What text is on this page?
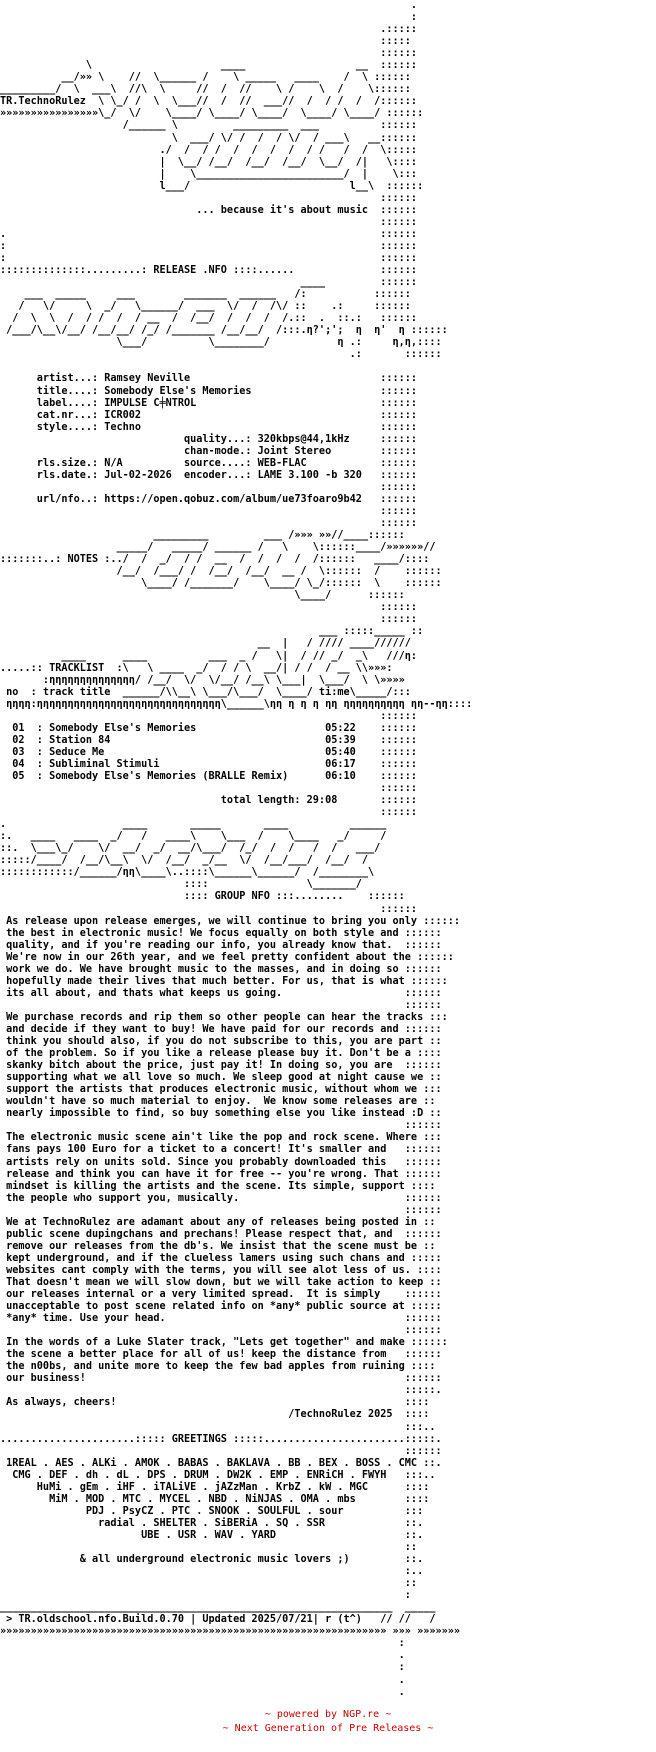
.
:
.:::::
:::::
::::::
\                     ____                  __  ::::::
__/»» \    //  \______ /    \ _____   ____    /  \ ::::::
_________/  \  ___\  //\  \     //  /  //    \ /    \  /    \::::::
TR.TechnoRulez  \ \_/ /  \  \___//  /  //  ___//  /  / /  /  /::::::
»»»»»»»»»»»»»»»»\_/  \/    \____/ \____/ \____/  \____/ \____/ ::::::
/______ \         _________  ___          ::::::
\  ___/ \/ /  /  / \/  / ___\   __::::::
./  /  / /  /  /  /  /  / /   /  /  \:::::
|  \__/ /__/  /__/  /__/  \__/  /|   \::::
|    \________________________/  |    \:::
l___/                          l__\  ::::::
::::::
... because it's about music  ::::::
::::::
.                                                             ::::::
:                                                             ::::::
:                                                             ::::::
::::::::::::::.........: RELEASE .NFO ::::......              ::::::
____         ::::::
___  _____     ___        _______  ______   /:           ::::::
/   \/     \  _/   \______/  ___  \/  /  /\/ ::    .:     ::::::
/  \  \  /  / /  /  / __  /  /__/  /  /  /  /.::  .  ::.:   ::::::
/___/\__\/__/ /__/__/ /_/ /_______ /__/__/  /:::.η?';';  η  η'  η ::::::
\___/          \________/           η .:     η,η,::::
.:       ::::::

artist...: Ramsey Neville                               ::::::
title....: Somebody Else's Memories                     ::::::
label....: IMPULSE C╪NTROL                              ::::::
cat.nr...: ICR002                                       ::::::
style....: Techno                                       ::::::
quality...: 320kbps@44,1kHz     ::::::
chan-mode.: Joint Stereo        ::::::
rls.size.: N/A          source....: WEB-FLAC            ::::::
rls.date.: Jul-02-2026  encoder...: LAME 3.100 -b 320   ::::::
::::::
url/nfo..: https://open.qobuz.com/album/ue73foaro9b42   ::::::
::::::
::::::
_________         ___ /»»» »»//____::::::
_____/   _____/ ______ /   \    \::::::____/»»»»»»//
:::::::..: NOTES :../  /  _/  / /  __  /  /  /  /  /::::::   ____/::::
/__/  /___/ /  /__/  /__/  __ /  \::::::  /    ::::::
\____/ /_______/    \____/ \_/::::::  \    ::::::
\____/      ::::::
::::::
::::::
___ :::::_____ ::
__  |   / //// ____//////
____      ____          ___  _ /   \|  / // _/  _\   ///η:
.....:: TRACKLIST  :\   \ ____  _/  / / \  __/| / /  / __ \\»»»:
:ηηηηηηηηηηηηηη/ /__/  \/  \/__/ /__\ \___|  \___/  \ \»»»»
no  : track title  ______/\\__\ \___/\___/  \____/ ti:me\_____/:::
ηηηη:ηηηηηηηηηηηηηηηηηηηηηηηηηηηηηη\______\ηη η η η ηη ηηηηηηηηηη ηη--ηη::::
::::::
01  : Somebody Else's Memories                     05:22    ::::::
02  : Station 84                                   05:39    ::::::
03  : Seduce Me                                    05:40    ::::::
04  : Subliminal Stimuli                           06:17    ::::::
05  : Somebody Else's Memories (BRALLE Remix)      06:10    ::::::
::::::
total length: 29:08       ::::::
::::::
.                   ____       _____       ____          ______
:.   ____   ____  _/   /   ____\    \___  /    \____   _/     /
::.  \___\_/    \/  __/  _/  __/\___/  /_/  /  /   /  /   ___/
:::::/____/  /__/\__\  \/  /__/  _/__  \/  /__/___/  /__/  /
::::::::::::/______/ηη\____\..::::\______\______/  /________\
::::                \_______/
:::: GROUP NFO :::........    ::::::
::::::
As release upon release emerges, we will continue to bring you only ::::::
the best in electronic music! We focus equally on both style and ::::::
quality, and if you're reading our info, you already know that.  ::::::
We're now in our 26th year, and we feel pretty confident about the ::::::
work we do. We have brought music to the masses, and in doing so ::::::
hopefully made their lives that much better. For us, that is what ::::::
its all about, and thats what keeps us going.                    ::::::
::::::
We purchase records and rip them so other people can hear the tracks :::
and decide if they want to buy! We have paid for our records and ::::::
think you should also, if you do not subscribe to this, you are part ::
of the problem. So if you like a release please buy it. Don't be a ::::
skanky bitch about the price, just pay it! In doing so, you are  ::::::
supporting what we all love so much. We sleep good at night cause we ::
support the artists that produces electronic music, without whom we :::
wouldn't have so much material to enjoy.  We know some releases are ::
nearly impossible to find, so buy something else you like instead :D ::
::::::
The electronic music scene ain't like the pop and rock scene. Where :::
fans pays 100 Euro for a ticket to a concert! It's smaller and   ::::::
artists rely on units sold. Since you probably downloaded this   ::::::
release and think you can have it for free -- you're wrong. That ::::::
mindset is killing the artists and the scene. Its simple, support ::::
the people who support you, musically.                           ::::::
::::::
We at TechnoRulez are adamant about any of releases being posted in ::
public scene dupingchans and prechans! Please respect that, and  ::::::
remove our releases from the db's. We insist that the scene must be ::
kept underground, and if the clueless lamers using such chans and :::::
websites cant comply with the terms, you will see alot less of us. ::::
That doesn't mean we will slow down, but we will take action to keep ::
our releases internal or a very limited spread.  It is simply    ::::::
unacceptable to post scene related info on *any* public source at :::::
*any* time. Use your head.                                       ::::::
::::::
In the words of a Luke Slater track, "Lets get together" and make ::::::
the scene a better place for all of us! keep the distance from   ::::::
the n00bs, and unite more to keep the few bad apples from ruining ::::
our business!                                                    ::::::
:::::.
As always, cheers!                                               ::::
/TechnoRulez 2025  ::::
:::..
......................::::: GREETINGS :::::.......................:::::.
::::::
1REAL . AES . ALKi . AMOK . BABAS . BAKLAVA . BB . BEX . BOSS . CMC ::.
CMG . DEF . dh . dL . DPS . DRUM . DW2K . EMP . ENRiCH . FWYH   :::..
HuMi . gEm . iHF . iTALiVE . jAZzMan . KrbZ . kW . MGC      ::::
MiM . MOD . MTC . MYCEL . NBD . NiNJAS . OMA . mbs        ::::
PDJ . PsyCZ . PTC . SNOOK . SOULFUL . sour          :::
radial . SHELTER . SiBERiA . SQ . SSR             ::.
UBE . USR . WAV . YARD                     ::.
::
& all underground electronic music lovers ;)         ::.
:..
::
:
________________________________________________________________  _____
> TR.oldschool.nfo.Build.0.70 | Updated 2025/07/21| r (t^)   // //   /
»»»»»»»»»»»»»»»»»»»»»»»»»»»»»»»»»»»»»»»»»»»»»»»»»»»»»»»»»»»»»»» »»» »»»»»»»
:
.
:
.
.
~ powered by NGP.re ~
~ Next Generation of Pre Releases ~
